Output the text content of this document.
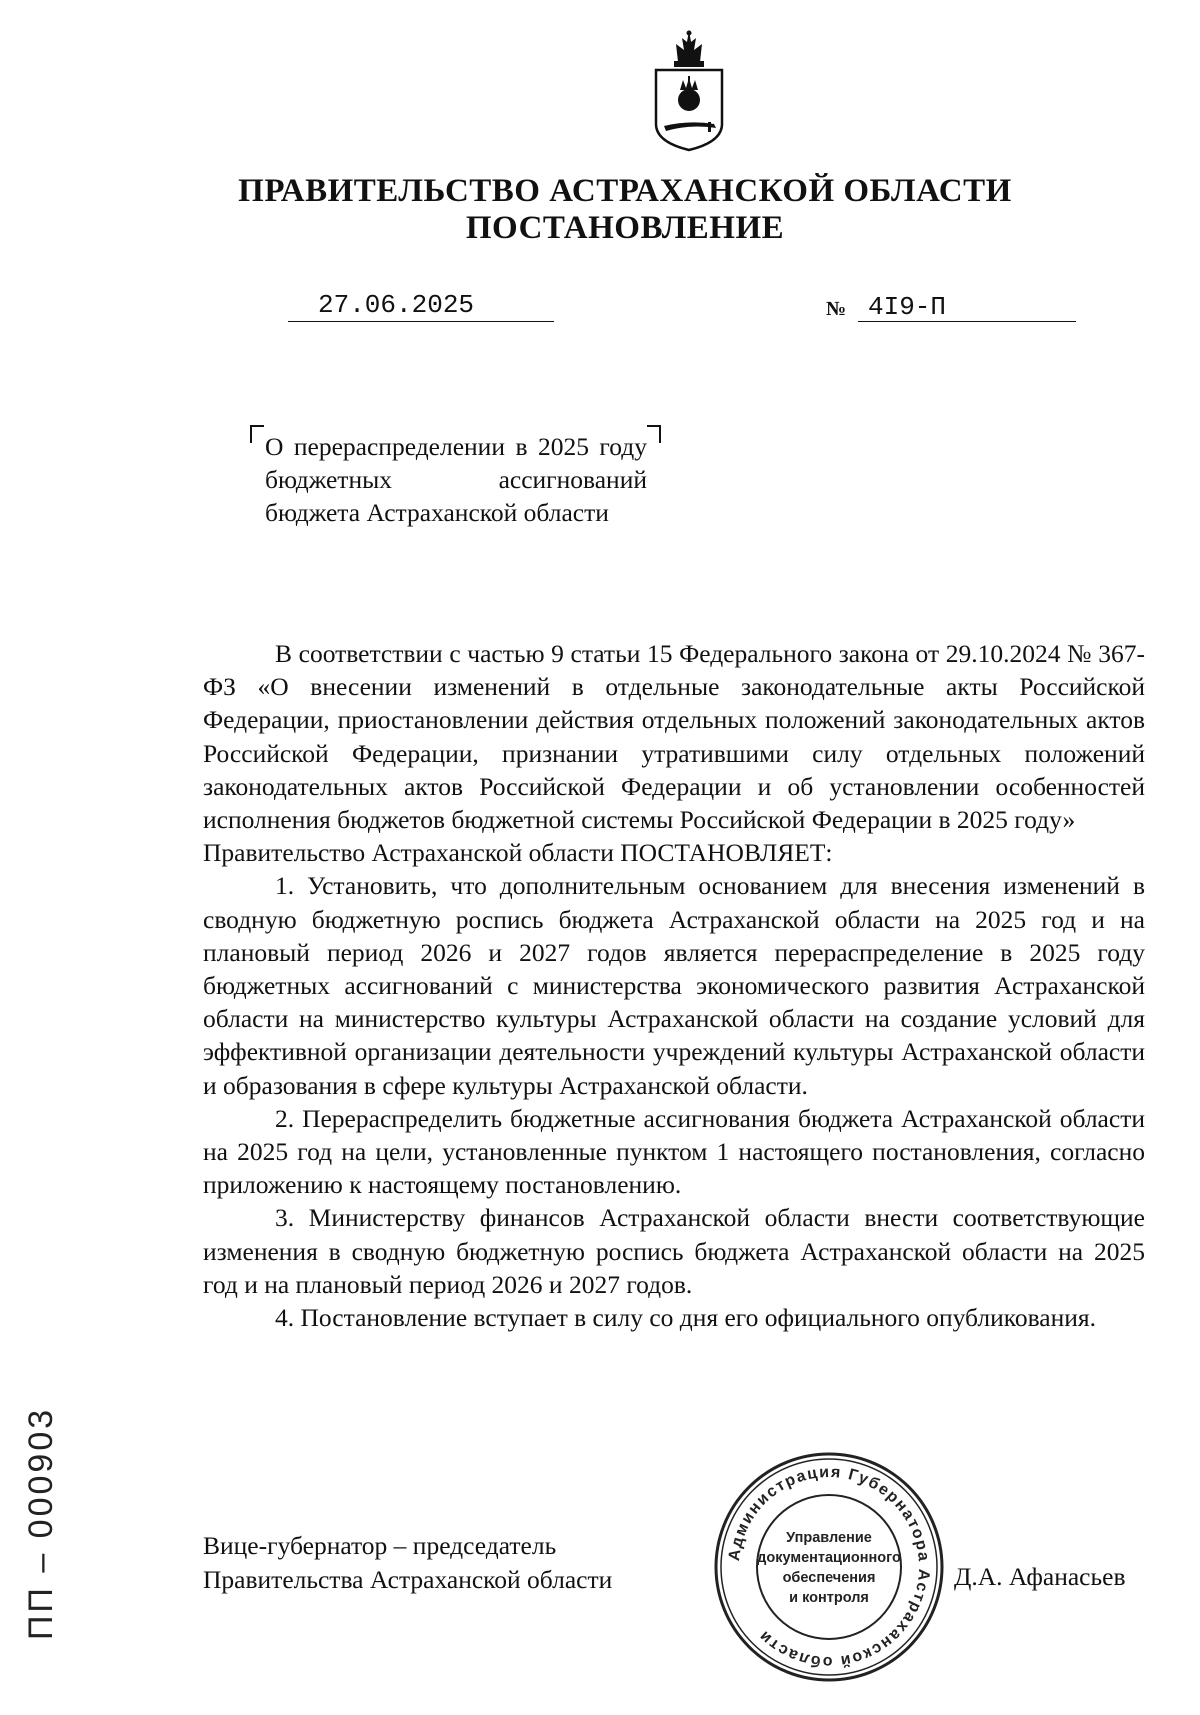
ПРАВИТЕЛЬСТВО АСТРАХАНСКОЙ ОБЛАСТИ
ПОСТАНОВЛЕНИЕ
27.06.2025	№ 4I9-П
О перераспределении в 2025 году бюджетных ассигнований бюджета Астраханской области

В соответствии с частью 9 статьи 15 Федерального закона от 29.10.2024 № 367-ФЗ «О внесении изменений в отдельные законодательные акты Российской Федерации, приостановлении действия отдельных положений законодательных актов Российской Федерации, признании утратившими силу отдельных положений законодательных актов Российской Федерации и об установлении особенностей исполнения бюджетов бюджетной системы Российской Федерации в 2025 году»

Правительство Астраханской области ПОСТАНОВЛЯЕТ:

1. Установить, что дополнительным основанием для внесения изменений в сводную бюджетную роспись бюджета Астраханской области на 2025 год и на плановый период 2026 и 2027 годов является перераспределение в 2025 году бюджетных ассигнований с министерства экономического развития Астраханской области на министерство культуры Астраханской области на создание условий для эффективной организации деятельности учреждений культуры Астраханской области и образования в сфере культуры Астраханской области.

2. Перераспределить бюджетные ассигнования бюджета Астраханской области на 2025 год на цели, установленные пунктом 1 настоящего постановления, согласно приложению к настоящему постановлению.

3. Министерству финансов Астраханской области внести соответствующие изменения в сводную бюджетную роспись бюджета Астраханской области на 2025 год и на плановый период 2026 и 2027 годов.

4. Постановление вступает в силу со дня его официального опубликования.

Вице-губернатор – председатель
Правительства Астраханской области	Д.А. Афанасьев
Администрация Губернатора Астраханской области
Управление
документационного
обеспечения
и контроля
ПП – 000903
